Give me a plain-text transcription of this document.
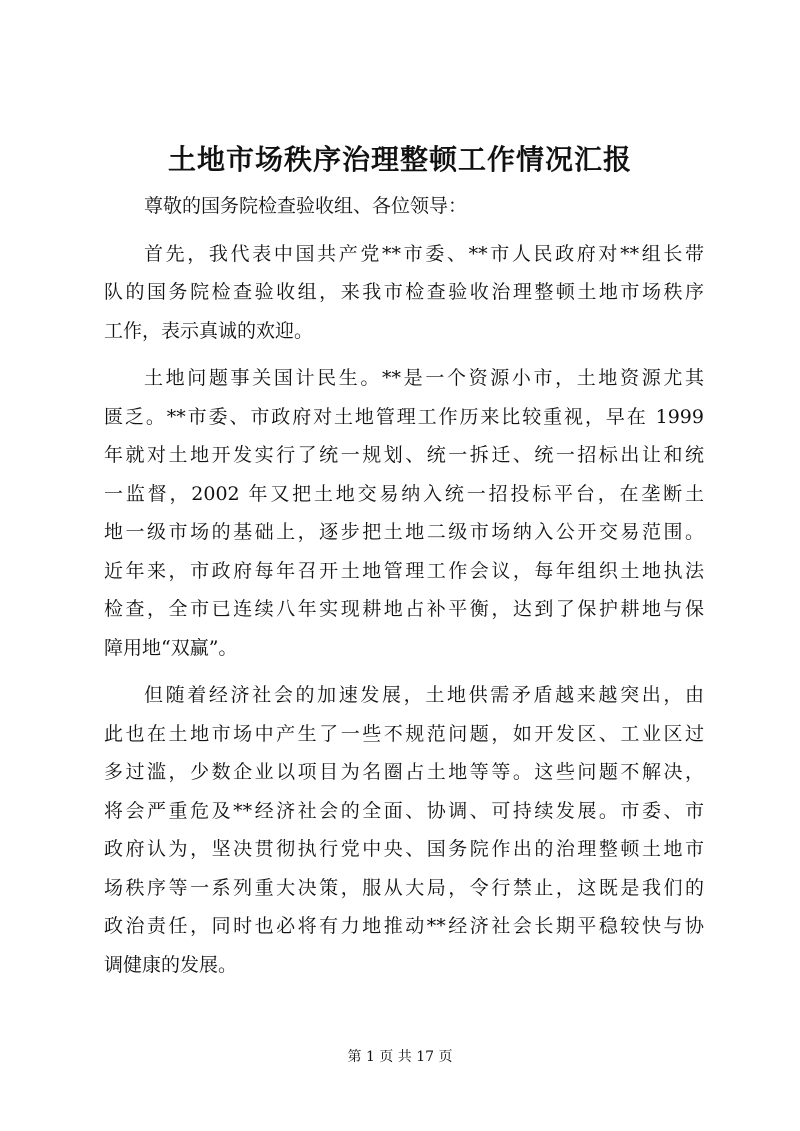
土地市场秩序治理整顿工作情况汇报
尊敬的国务院检查验收组、各位领导：
首先，我代表中国共产党**市委、**市人民政府对**组长带
队的国务院检查验收组，来我市检查验收治理整顿土地市场秩序
工作，表示真诚的欢迎。
土地问题事关国计民生。**是一个资源小市，土地资源尤其
匮乏。**市委、市政府对土地管理工作历来比较重视，早在 1999
年就对土地开发实行了统一规划、统一拆迁、统一招标出让和统
一监督，2002 年又把土地交易纳入统一招投标平台，在垄断土
地一级市场的基础上，逐步把土地二级市场纳入公开交易范围。
近年来，市政府每年召开土地管理工作会议，每年组织土地执法
检查，全市已连续八年实现耕地占补平衡，达到了保护耕地与保
障用地“双赢”。
但随着经济社会的加速发展，土地供需矛盾越来越突出，由
此也在土地市场中产生了一些不规范问题，如开发区、工业区过
多过滥，少数企业以项目为名圈占土地等等。这些问题不解决，
将会严重危及**经济社会的全面、协调、可持续发展。市委、市
政府认为，坚决贯彻执行党中央、国务院作出的治理整顿土地市
场秩序等一系列重大决策，服从大局，令行禁止，这既是我们的
政治责任，同时也必将有力地推动**经济社会长期平稳较快与协
调健康的发展。
第 1 页 共 17 页
